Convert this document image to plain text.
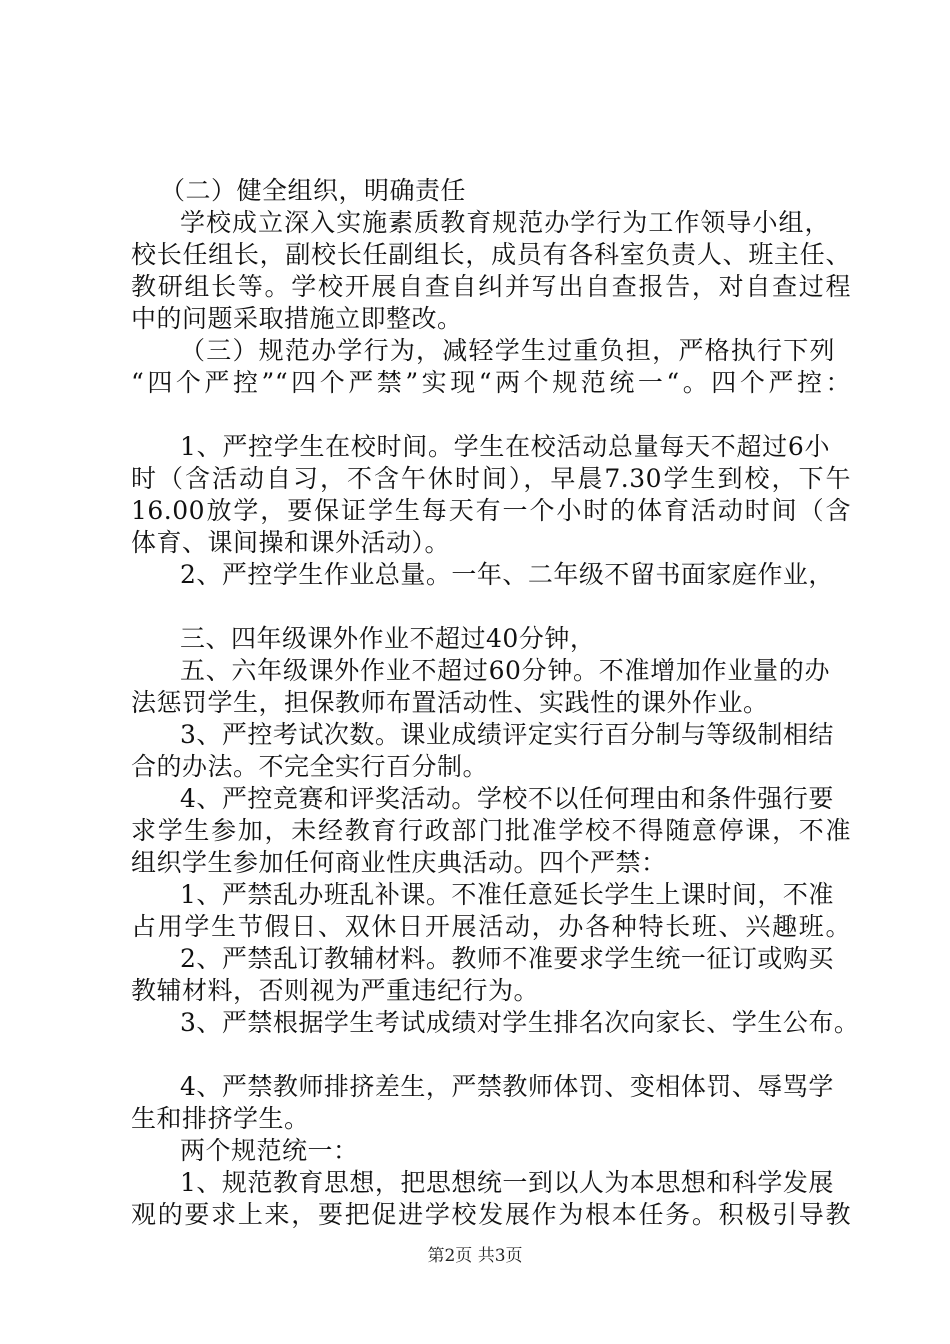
（二）健全组织，明确责任
学校成立深入实施素质教育规范办学行为工作领导小组，
校长任组长，副校长任副组长，成员有各科室负责人、班主任、
教研组长等。学校开展自查自纠并写出自查报告，对自查过程
中的问题采取措施立即整改。
（三）规范办学行为，减轻学生过重负担，严格执行下列
“四个严控”“四个严禁”实现“两个规范统一“。四个严控：
1、严控学生在校时间。学生在校活动总量每天不超过6小
时（含活动自习，不含午休时间），早晨7.30学生到校，下午
16.00放学，要保证学生每天有一个小时的体育活动时间（含
体育、课间操和课外活动）。
2、严控学生作业总量。一年、二年级不留书面家庭作业，
三、四年级课外作业不超过40分钟，
五、六年级课外作业不超过60分钟。不准增加作业量的办
法惩罚学生，担保教师布置活动性、实践性的课外作业。
3、严控考试次数。课业成绩评定实行百分制与等级制相结
合的办法。不完全实行百分制。
4、严控竞赛和评奖活动。学校不以任何理由和条件强行要
求学生参加，未经教育行政部门批准学校不得随意停课，不准
组织学生参加任何商业性庆典活动。四个严禁：
1、严禁乱办班乱补课。不准任意延长学生上课时间，不准
占用学生节假日、双休日开展活动，办各种特长班、兴趣班。
2、严禁乱订教辅材料。教师不准要求学生统一征订或购买
教辅材料，否则视为严重违纪行为。
3、严禁根据学生考试成绩对学生排名次向家长、学生公布。
4、严禁教师排挤差生，严禁教师体罚、变相体罚、辱骂学
生和排挤学生。
两个规范统一：
1、规范教育思想，把思想统一到以人为本思想和科学发展
观的要求上来，要把促进学校发展作为根本任务。积极引导教
第2页 共3页
